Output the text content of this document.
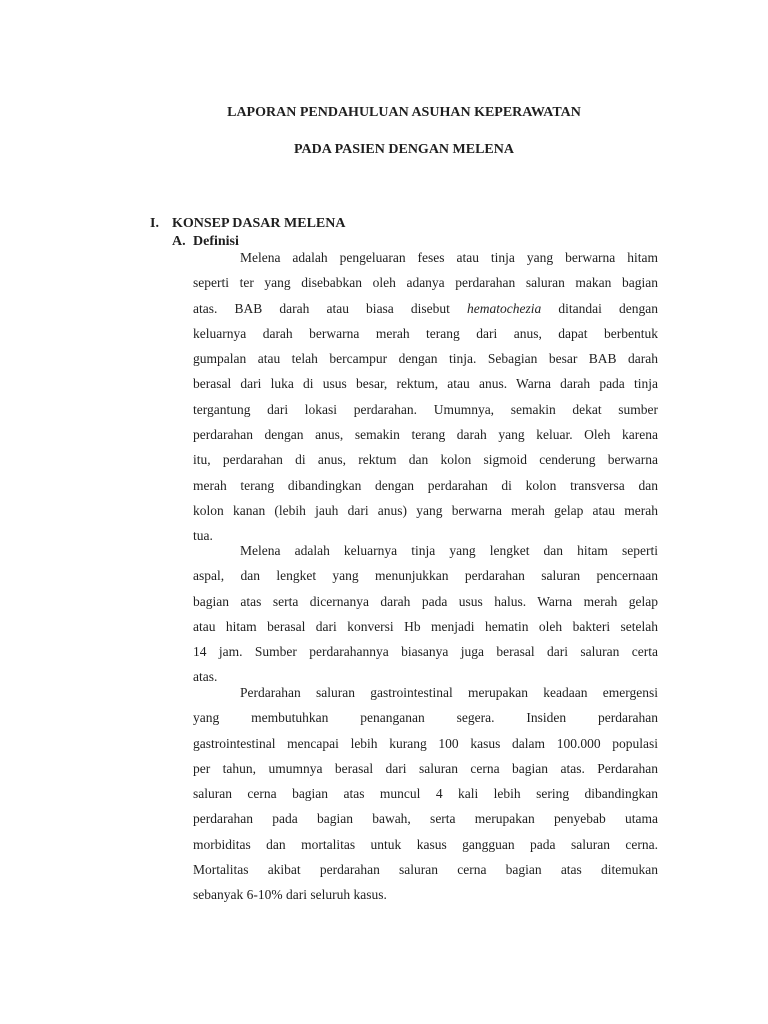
LAPORAN PENDAHULUAN ASUHAN KEPERAWATAN
PADA PASIEN DENGAN MELENA
I. KONSEP DASAR MELENA
A. Definisi
Melena adalah pengeluaran feses atau tinja yang berwarna hitam
seperti ter yang disebabkan oleh adanya perdarahan saluran makan bagian
atas. BAB darah atau biasa disebut hematochezia ditandai dengan
keluarnya darah berwarna merah terang dari anus, dapat berbentuk
gumpalan atau telah bercampur dengan tinja. Sebagian besar BAB darah
berasal dari luka di usus besar, rektum, atau anus. Warna darah pada tinja
tergantung dari lokasi perdarahan. Umumnya, semakin dekat sumber
perdarahan dengan anus, semakin terang darah yang keluar. Oleh karena
itu, perdarahan di anus, rektum dan kolon sigmoid cenderung berwarna
merah terang dibandingkan dengan perdarahan di kolon transversa dan
kolon kanan (lebih jauh dari anus) yang berwarna merah gelap atau merah
tua.
Melena adalah keluarnya tinja yang lengket dan hitam seperti
aspal, dan lengket yang menunjukkan perdarahan saluran pencernaan
bagian atas serta dicernanya darah pada usus halus. Warna merah gelap
atau hitam berasal dari konversi Hb menjadi hematin oleh bakteri setelah
14 jam. Sumber perdarahannya biasanya juga berasal dari saluran certa
atas.
Perdarahan saluran gastrointestinal merupakan keadaan emergensi
yang membutuhkan penanganan segera. Insiden perdarahan
gastrointestinal mencapai lebih kurang 100 kasus dalam 100.000 populasi
per tahun, umumnya berasal dari saluran cerna bagian atas. Perdarahan
saluran cerna bagian atas muncul 4 kali lebih sering dibandingkan
perdarahan pada bagian bawah, serta merupakan penyebab utama
morbiditas dan mortalitas untuk kasus gangguan pada saluran cerna.
Mortalitas akibat perdarahan saluran cerna bagian atas ditemukan
sebanyak 6-10% dari seluruh kasus.
